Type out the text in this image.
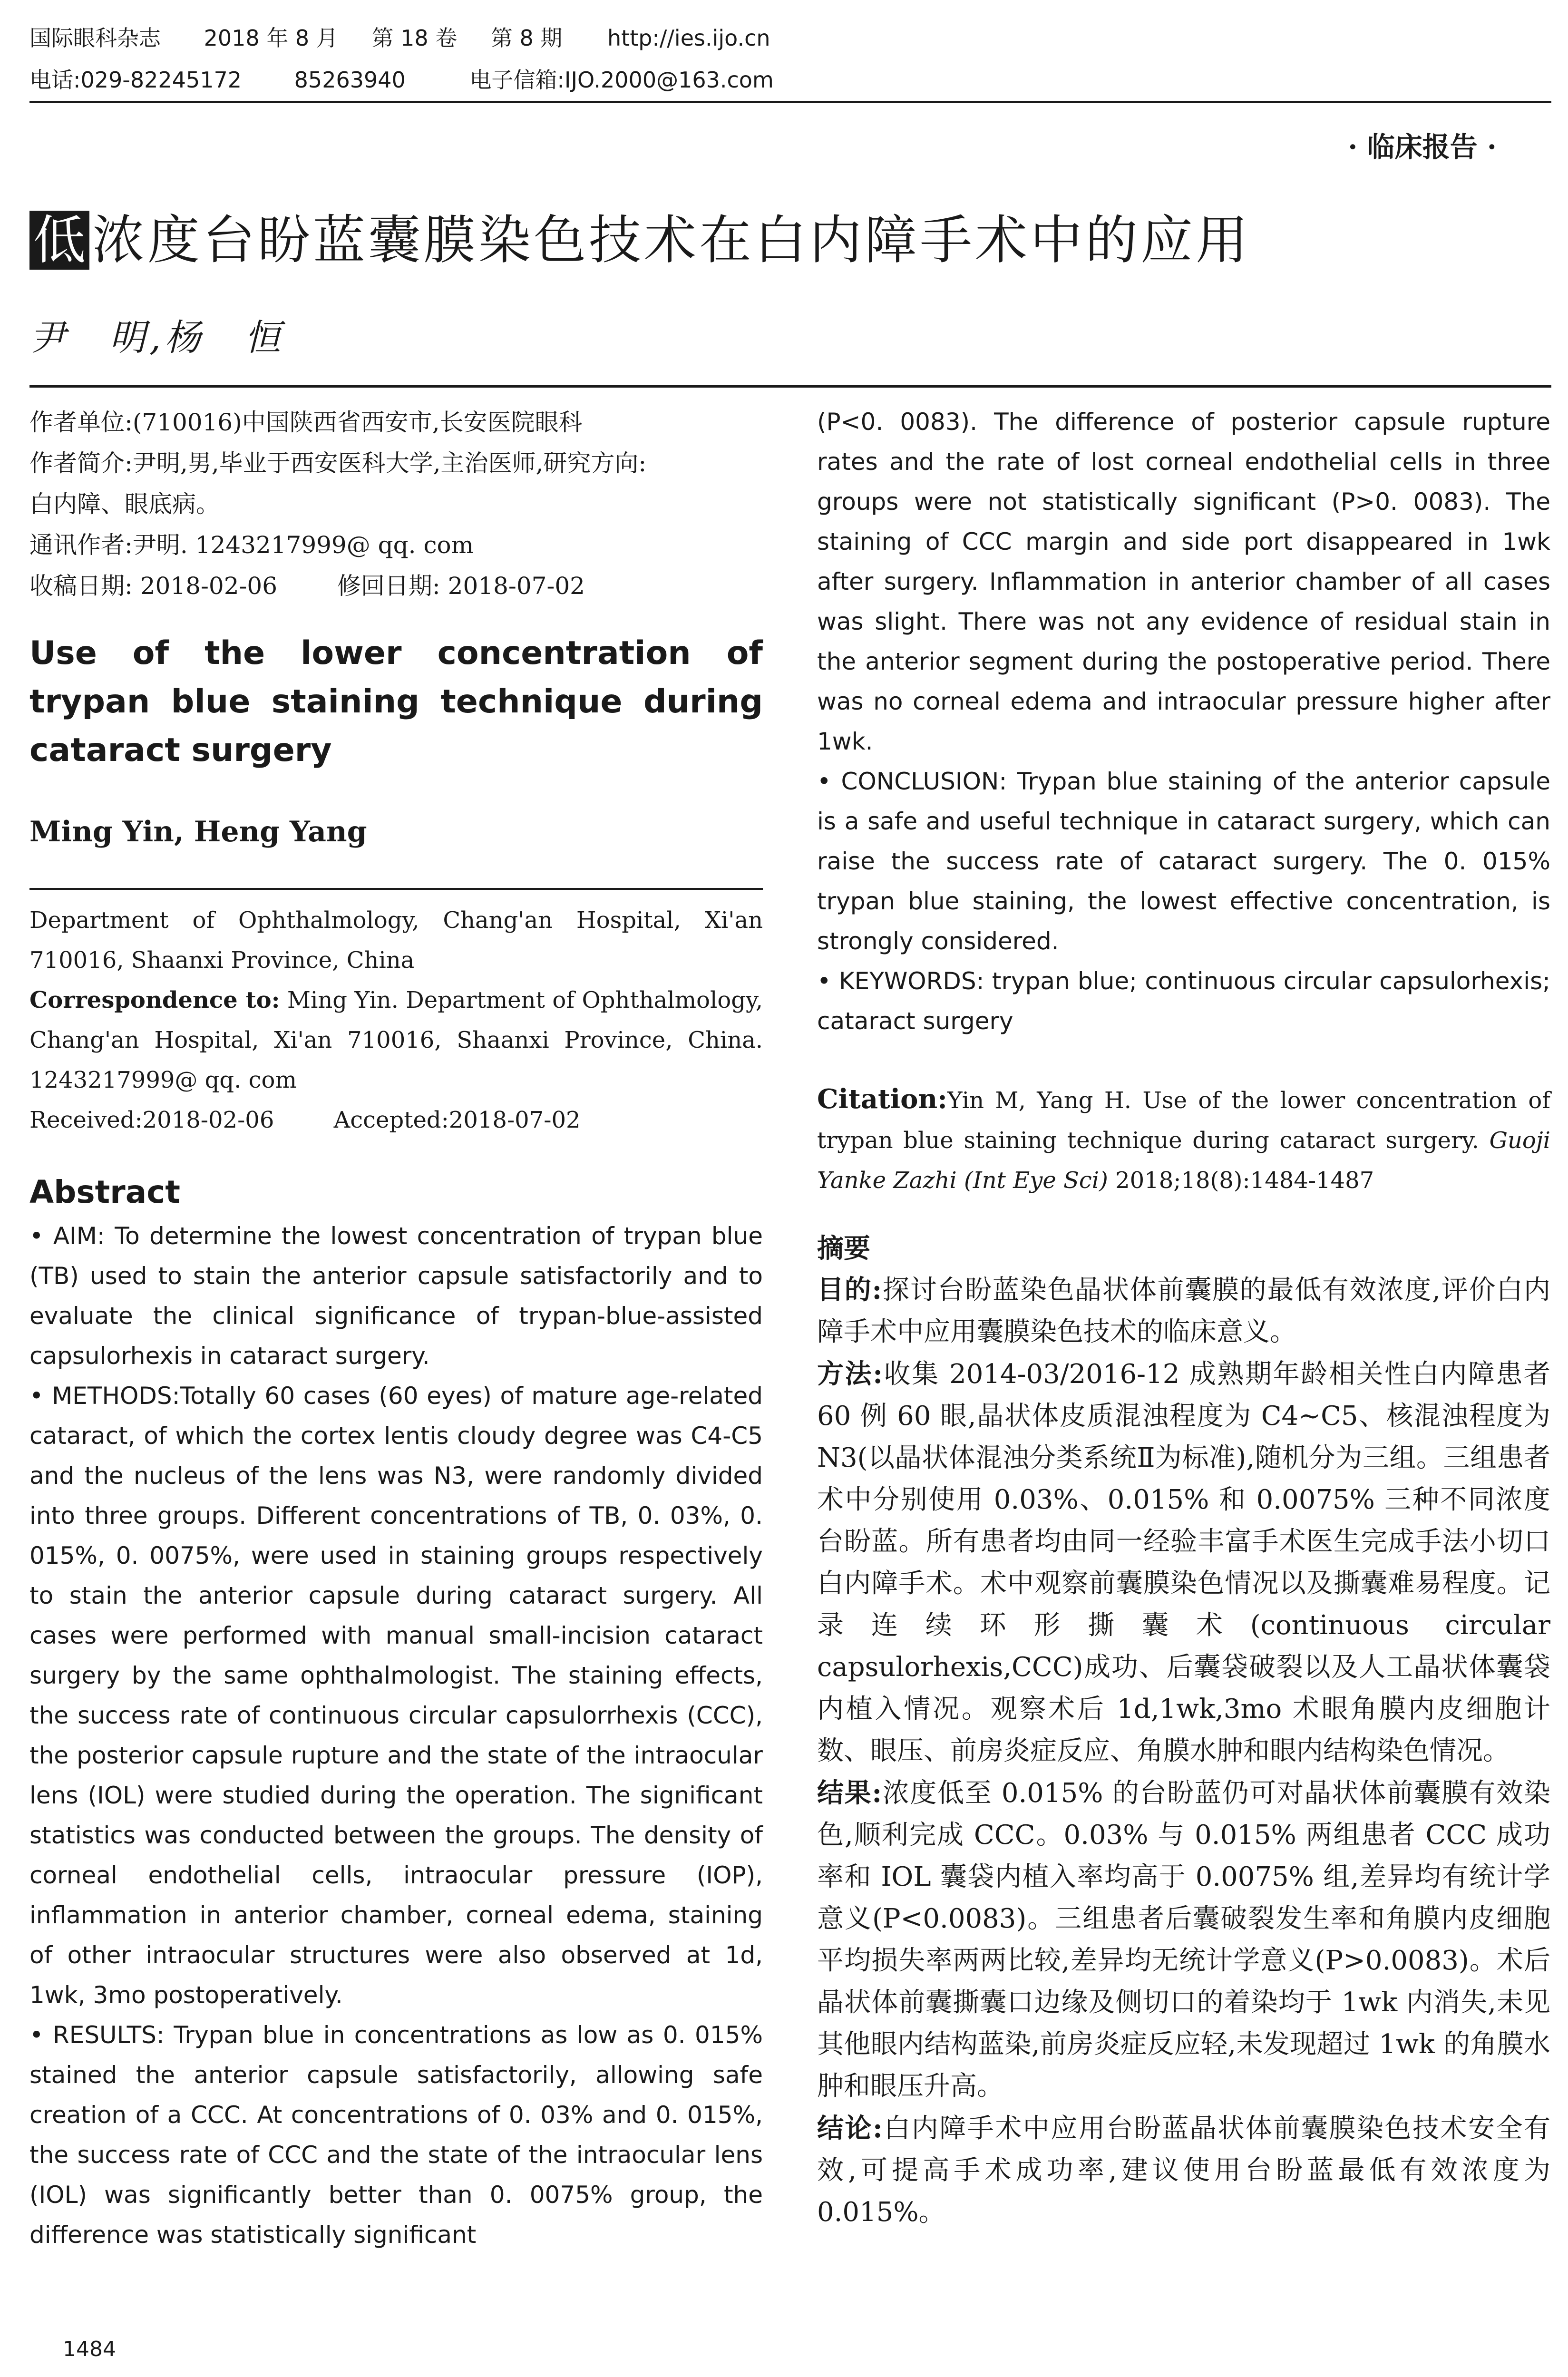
国际眼科杂志 2018 年 8 月 第 18 卷 第 8 期 http://ies.ijo.cn
电话:029-82245172 85263940	电子信箱:IJO.2000@163.com
· 临床报告 ·
低 浓度台盼蓝囊膜染色技术在白内障手术中的应用
尹　明,杨　恒

作者单位:(710016)中国陕西省西安市,长安医院眼科

作者简介:尹明,男,毕业于西安医科大学,主治医师,研究方向:

白内障、眼底病。

通讯作者:尹明. 1243217999@ qq. com

收稿日期: 2018-02-06	修回日期: 2018-07-02

Use of the lower concentration of trypan blue staining technique during cataract surgery

Ming Yin, Heng Yang

Department of Ophthalmology, Chang'an Hospital, Xi'an 710016, Shaanxi Province, China

Correspondence to: Ming Yin. Department of Ophthalmology, Chang'an Hospital, Xi'an 710016, Shaanxi Province, China. 1243217999@ qq. com

Received:2018-02-06	Accepted:2018-07-02

Abstract

• AIM: To determine the lowest concentration of trypan blue (TB) used to stain the anterior capsule satisfactorily and to evaluate the clinical significance of trypan-blue-assisted capsulorhexis in cataract surgery.

• METHODS:Totally 60 cases (60 eyes) of mature age-related cataract, of which the cortex lentis cloudy degree was C4-C5 and the nucleus of the lens was N3, were randomly divided into three groups. Different concentrations of TB, 0. 03%, 0. 015%, 0. 0075%, were used in staining groups respectively to stain the anterior capsule during cataract surgery. All cases were performed with manual small-incision cataract surgery by the same ophthalmologist. The staining effects, the success rate of continuous circular capsulorrhexis (CCC), the posterior capsule rupture and the state of the intraocular lens (IOL) were studied during the operation. The significant statistics was conducted between the groups. The density of corneal endothelial cells, intraocular pressure (IOP), inflammation in anterior chamber, corneal edema, staining of other intraocular structures were also observed at 1d, 1wk, 3mo postoperatively.

• RESULTS: Trypan blue in concentrations as low as 0. 015% stained the anterior capsule satisfactorily, allowing safe creation of a CCC. At concentrations of 0. 03% and 0. 015%, the success rate of CCC and the state of the intraocular lens (IOL) was significantly better than 0. 0075% group, the difference was statistically significant

(P<0. 0083). The difference of posterior capsule rupture rates and the rate of lost corneal endothelial cells in three groups were not statistically significant (P>0. 0083). The staining of CCC margin and side port disappeared in 1wk after surgery. Inflammation in anterior chamber of all cases was slight. There was not any evidence of residual stain in the anterior segment during the postoperative period. There was no corneal edema and intraocular pressure higher after 1wk.

• CONCLUSION: Trypan blue staining of the anterior capsule is a safe and useful technique in cataract surgery, which can raise the success rate of cataract surgery. The 0. 015% trypan blue staining, the lowest effective concentration, is strongly considered.

• KEYWORDS: trypan blue; continuous circular capsulorhexis; cataract surgery

Citation:Yin M, Yang H. Use of the lower concentration of trypan blue staining technique during cataract surgery. Guoji Yanke Zazhi (Int Eye Sci) 2018;18(8):1484-1487

摘要

目的:探讨台盼蓝染色晶状体前囊膜的最低有效浓度,评价白内障手术中应用囊膜染色技术的临床意义。

方法:收集 2014-03/2016-12 成熟期年龄相关性白内障患者 60 例 60 眼,晶状体皮质混浊程度为 C4~C5、核混浊程度为 N3(以晶状体混浊分类系统Ⅱ为标准),随机分为三组。三组患者术中分别使用 0.03%、0.015% 和 0.0075% 三种不同浓度台盼蓝。所有患者均由同一经验丰富手术医生完成手法小切口白内障手术。术中观察前囊膜染色情况以及撕囊难易程度。记录连续环形撕囊术(continuous circular capsulorhexis,CCC)成功、后囊袋破裂以及人工晶状体囊袋内植入情况。观察术后 1d,1wk,3mo 术眼角膜内皮细胞计数、眼压、前房炎症反应、角膜水肿和眼内结构染色情况。

结果:浓度低至 0.015% 的台盼蓝仍可对晶状体前囊膜有效染色,顺利完成 CCC。0.03% 与 0.015% 两组患者 CCC 成功率和 IOL 囊袋内植入率均高于 0.0075% 组,差异均有统计学意义(P<0.0083)。三组患者后囊破裂发生率和角膜内皮细胞平均损失率两两比较,差异均无统计学意义(P>0.0083)。术后晶状体前囊撕囊口边缘及侧切口的着染均于 1wk 内消失,未见其他眼内结构蓝染,前房炎症反应轻,未发现超过 1wk 的角膜水肿和眼压升高。

结论:白内障手术中应用台盼蓝晶状体前囊膜染色技术安全有效,可提高手术成功率,建议使用台盼蓝最低有效浓度为 0.015%。

1484
